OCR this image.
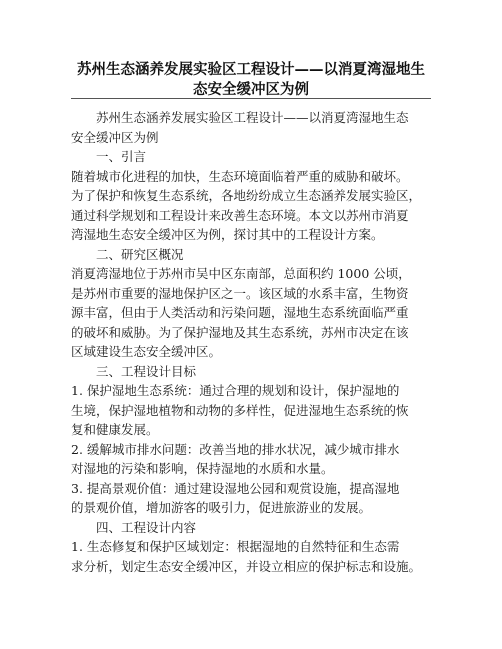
苏州生态涵养发展实验区工程设计——以消夏湾湿地生
态安全缓冲区为例

苏州生态涵养发展实验区工程设计——以消夏湾湿地生态

安全缓冲区为例

一、引言

随着城市化进程的加快，生态环境面临着严重的威胁和破坏。

为了保护和恢复生态系统，各地纷纷成立生态涵养发展实验区，

通过科学规划和工程设计来改善生态环境。本文以苏州市消夏

湾湿地生态安全缓冲区为例，探讨其中的工程设计方案。

二、研究区概况

消夏湾湿地位于苏州市吴中区东南部，总面积约 1000 公顷，

是苏州市重要的湿地保护区之一。该区域的水系丰富，生物资

源丰富，但由于人类活动和污染问题，湿地生态系统面临严重

的破坏和威胁。为了保护湿地及其生态系统，苏州市决定在该

区域建设生态安全缓冲区。

三、工程设计目标

1. 保护湿地生态系统：通过合理的规划和设计，保护湿地的

生境，保护湿地植物和动物的多样性，促进湿地生态系统的恢

复和健康发展。

2. 缓解城市排水问题：改善当地的排水状况，减少城市排水

对湿地的污染和影响，保持湿地的水质和水量。

3. 提高景观价值：通过建设湿地公园和观赏设施，提高湿地

的景观价值，增加游客的吸引力，促进旅游业的发展。

四、工程设计内容

1. 生态修复和保护区域划定：根据湿地的自然特征和生态需

求分析，划定生态安全缓冲区，并设立相应的保护标志和设施。
